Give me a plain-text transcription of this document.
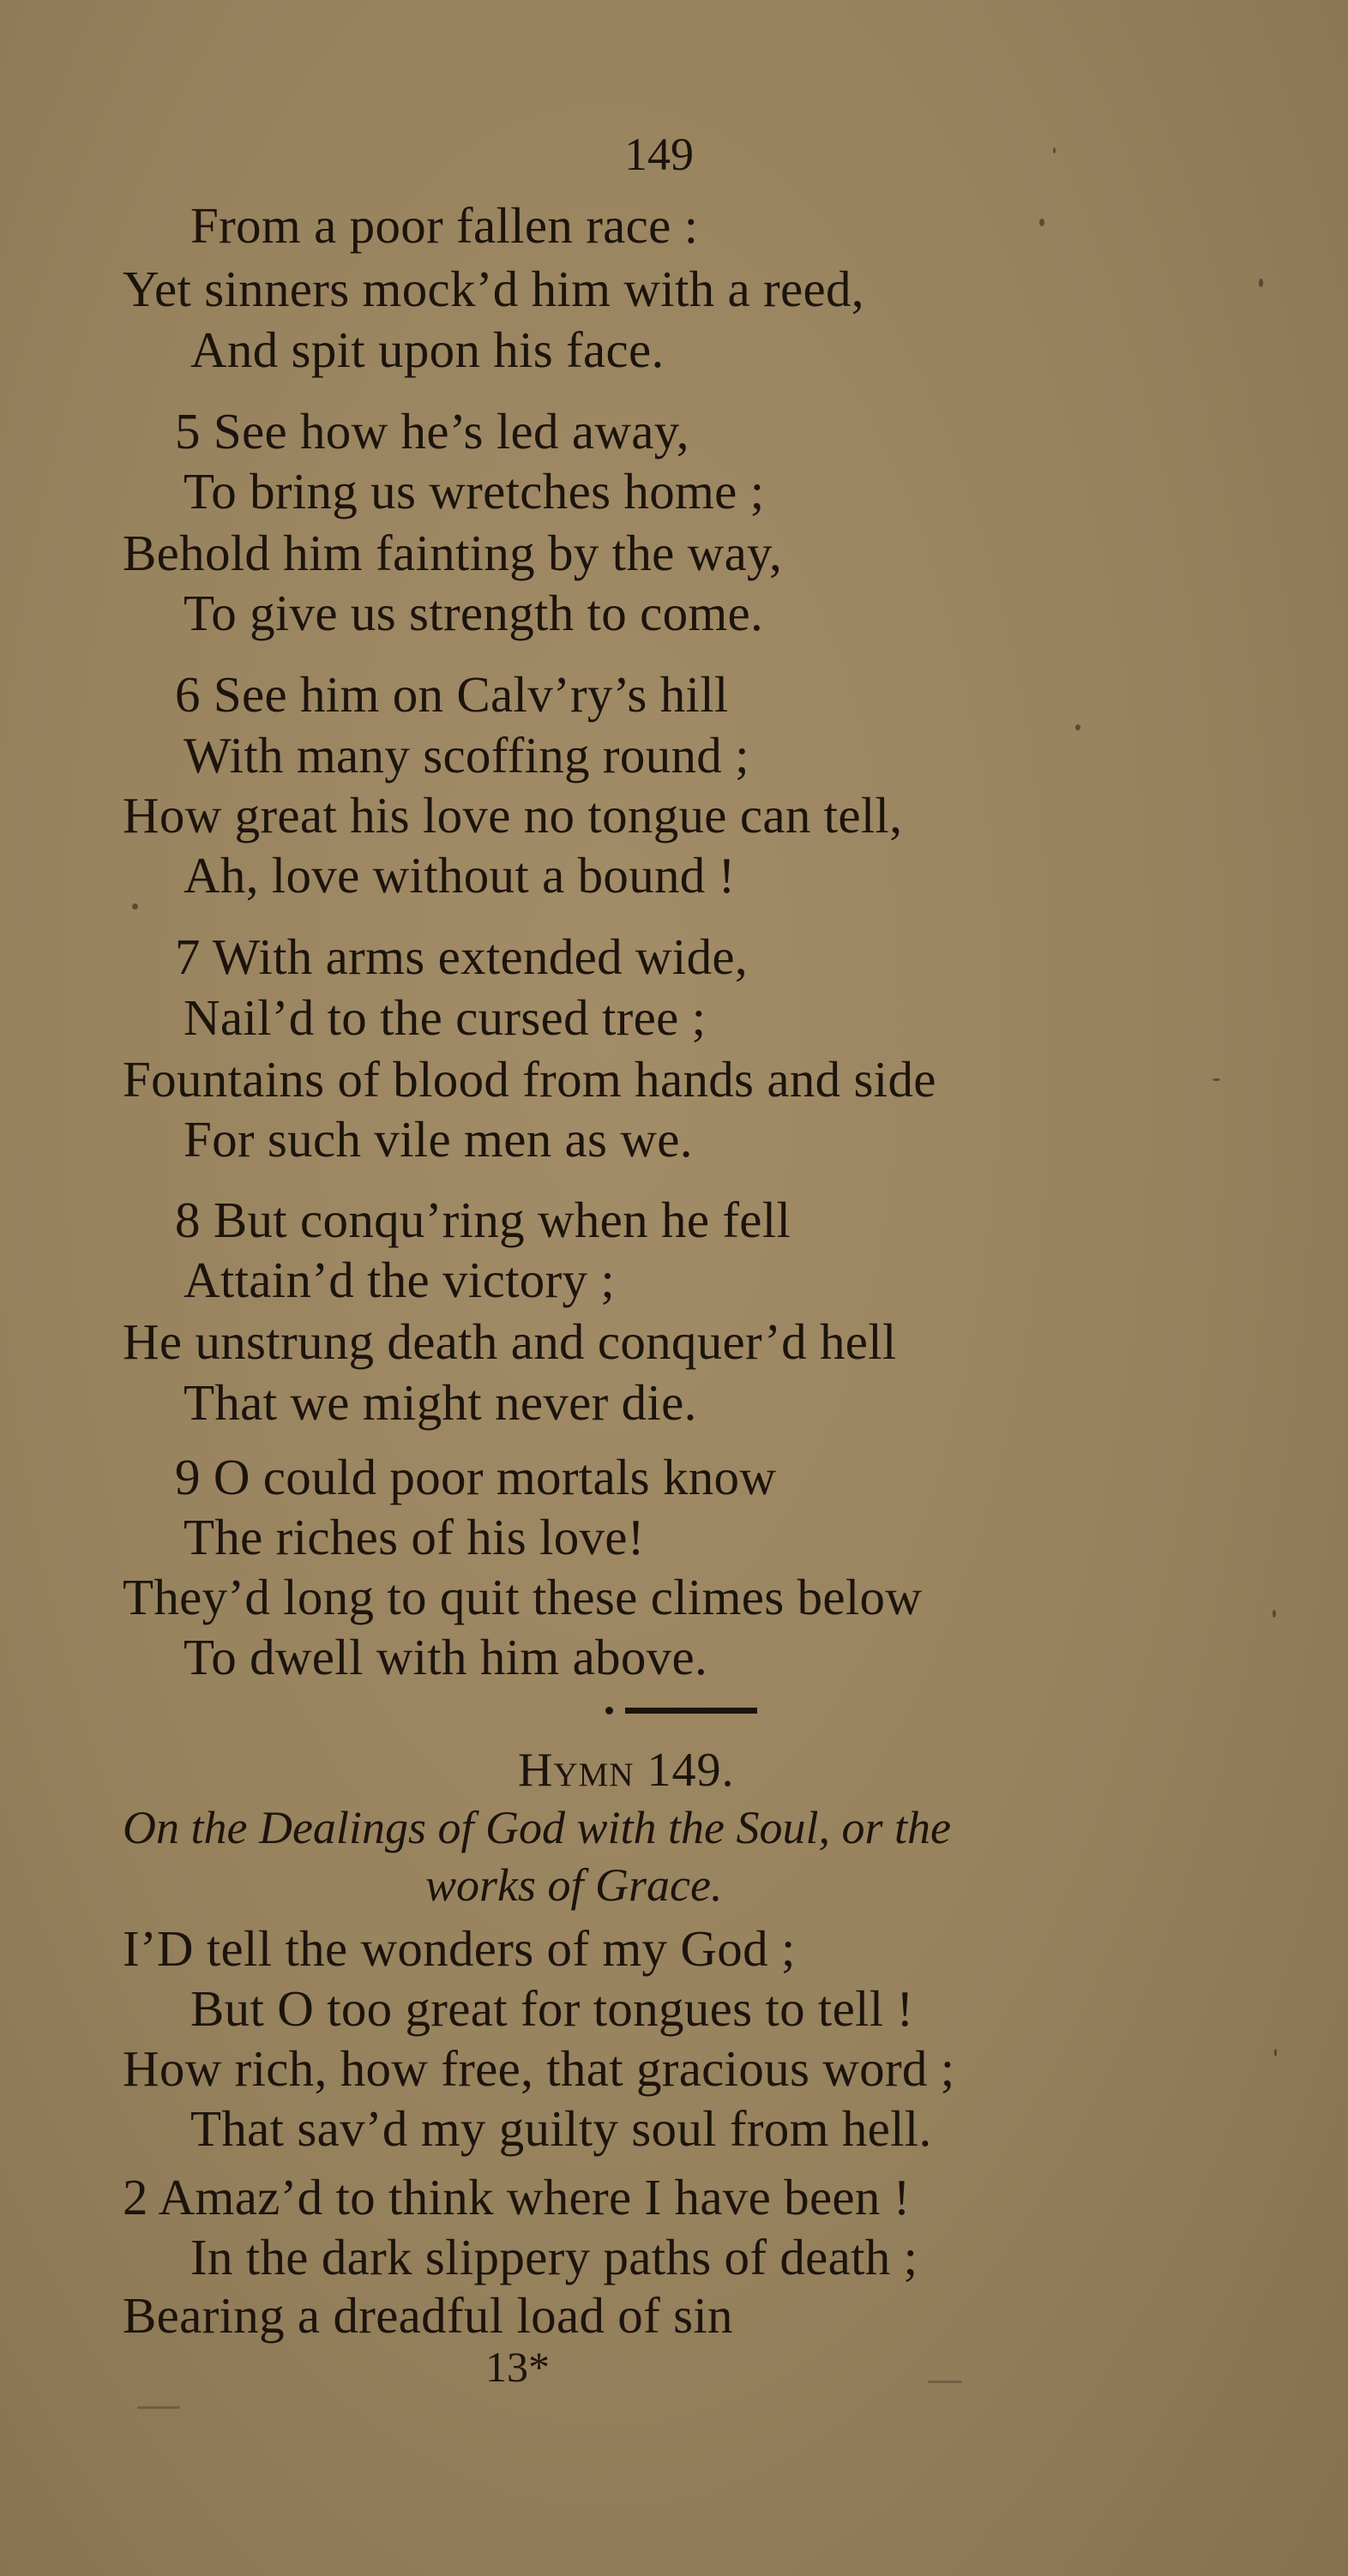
149
From a poor fallen race :
Yet sinners mock’d him with a reed,
And spit upon his face.
5 See how he’s led away,
To bring us wretches home ;
Behold him fainting by the way,
To give us strength to come.
6 See him on Calv’ry’s hill
With many scoffing round ;
How great his love no tongue can tell,
Ah, love without a bound !
7 With arms extended wide,
Nail’d to the cursed tree ;
Fountains of blood from hands and side
For such vile men as we.
8 But conqu’ring when he fell
Attain’d the victory ;
He unstrung death and conquer’d hell
That we might never die.
9 O could poor mortals know
The riches of his love!
They’d long to quit these climes below
To dwell with him above.
Hymn 149.
On the Dealings of God with the Soul, or the
works of Grace.
I’D tell the wonders of my God ;
But O too great for tongues to tell !
How rich, how free, that gracious word ;
That sav’d my guilty soul from hell.
2 Amaz’d to think where I have been !
In the dark slippery paths of death ;
Bearing a dreadful load of sin
13*
